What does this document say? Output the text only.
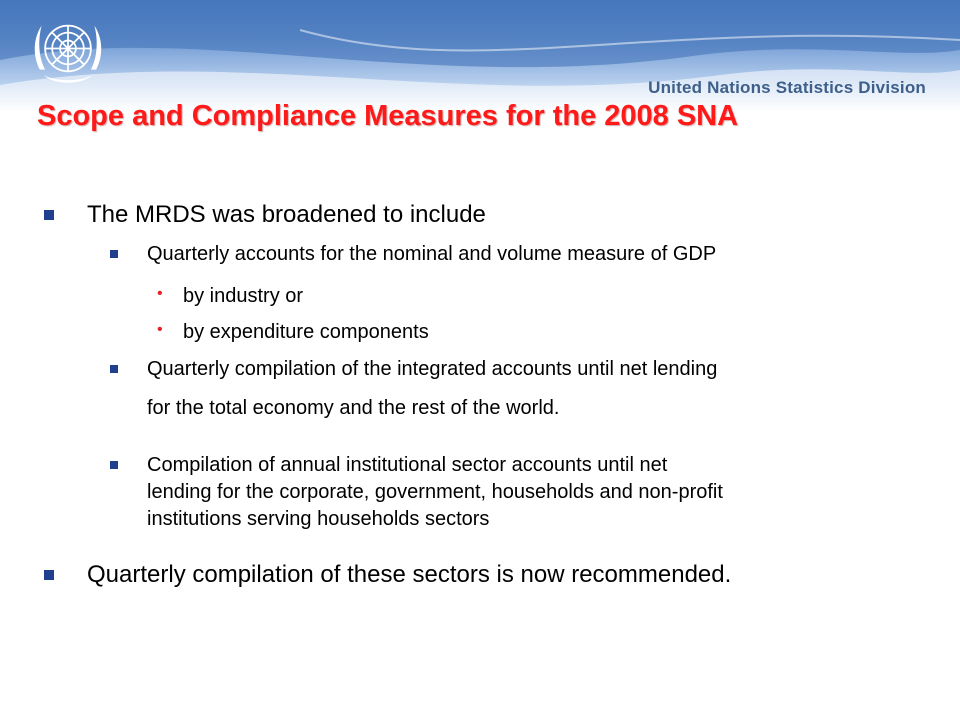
United Nations Statistics Division
Scope and Compliance Measures for the 2008 SNA
The MRDS was broadened to include
Quarterly accounts for the nominal and volume measure of GDP
• by industry or
• by expenditure components
Quarterly compilation of the integrated accounts until net lending
for the total economy and the rest of the world.
Compilation of annual institutional sector accounts until net
lending for the corporate, government, households and non-profit
institutions serving households sectors
Quarterly compilation of these sectors is now recommended.
